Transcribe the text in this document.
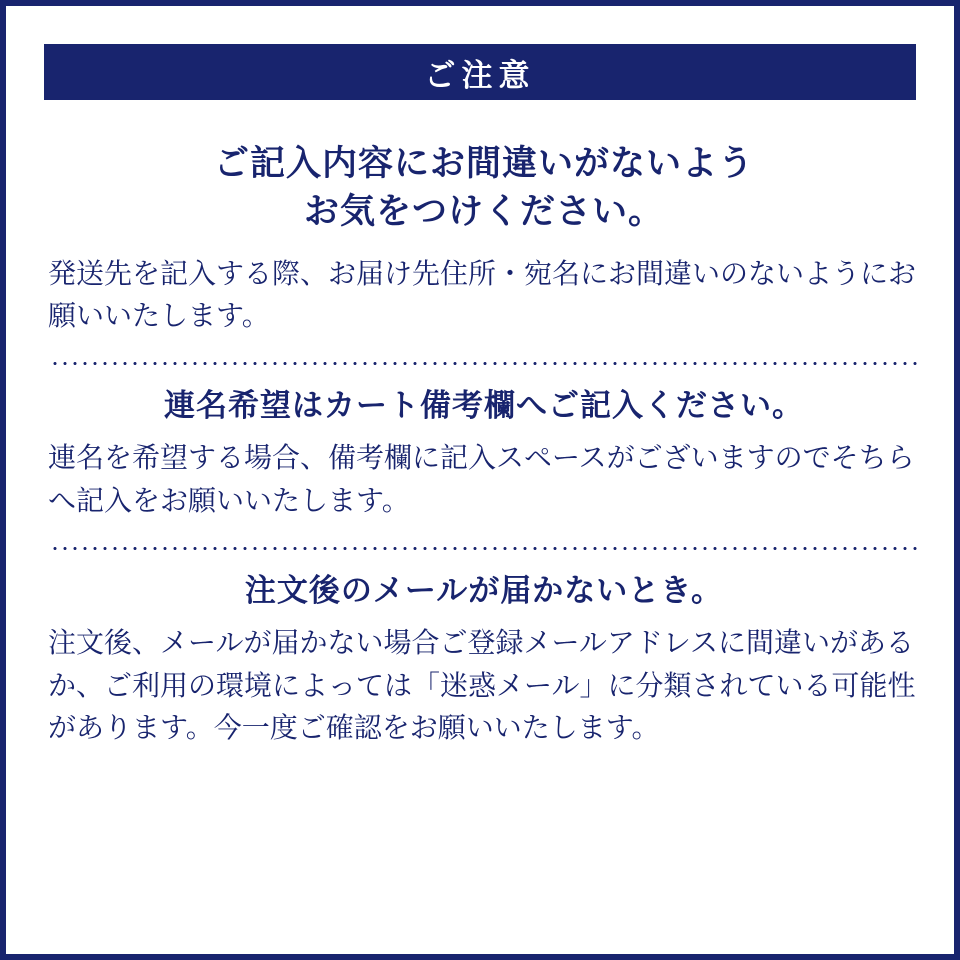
ご注意
ご記入内容にお間違いがないよう
お気をつけください。

発送先を記入する際、お届け先住所・宛名にお間違いのないようにお願いいたします。

連名希望はカート備考欄へご記入ください。

連名を希望する場合、備考欄に記入スペースがございますのでそちらへ記入をお願いいたします。

注文後のメールが届かないとき。

注文後、メールが届かない場合ご登録メールアドレスに間違いがあるか、ご利用の環境によっては「迷惑メール」に分類されている可能性があります。今一度ご確認をお願いいたします。
